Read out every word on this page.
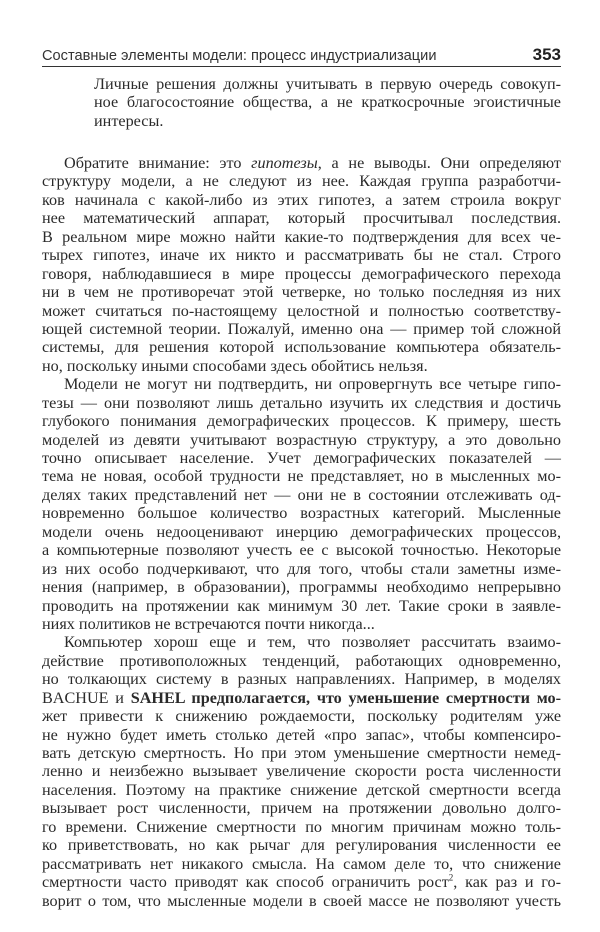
Составные элементы модели: процесс индустриализации	353
Личные решения должны учитывать в первую очередь совокуп-
ное благосостояние общества, а не краткосрочные эгоистичные
интересы.
Обратите внимание: это гипотезы, а не выводы. Они определяют
структуру модели, а не следуют из нее. Каждая группа разработчи-
ков начинала с какой-либо из этих гипотез, а затем строила вокруг
нее математический аппарат, который просчитывал последствия.
В реальном мире можно найти какие-то подтверждения для всех че-
тырех гипотез, иначе их никто и рассматривать бы не стал. Строго
говоря, наблюдавшиеся в мире процессы демографического перехода
ни в чем не противоречат этой четверке, но только последняя из них
может считаться по-настоящему целостной и полностью соответству-
ющей системной теории. Пожалуй, именно она — пример той сложной
системы, для решения которой использование компьютера обязатель-
но, поскольку иными способами здесь обойтись нельзя.
Модели не могут ни подтвердить, ни опровергнуть все четыре гипо-
тезы — они позволяют лишь детально изучить их следствия и достичь
глубокого понимания демографических процессов. К примеру, шесть
моделей из девяти учитывают возрастную структуру, а это довольно
точно описывает население. Учет демографических показателей —
тема не новая, особой трудности не представляет, но в мысленных мо-
делях таких представлений нет — они не в состоянии отслеживать од-
новременно большое количество возрастных категорий. Мысленные
модели очень недооценивают инерцию демографических процессов,
а компьютерные позволяют учесть ее с высокой точностью. Некоторые
из них особо подчеркивают, что для того, чтобы стали заметны изме-
нения (например, в образовании), программы необходимо непрерывно
проводить на протяжении как минимум 30 лет. Такие сроки в заявле-
ниях политиков не встречаются почти никогда...
Компьютер хорош еще и тем, что позволяет рассчитать взаимо-
действие противоположных тенденций, работающих одновременно,
но толкающих систему в разных направлениях. Например, в моделях
BACHUE и SAHEL предполагается, что уменьшение смертности мо-
жет привести к снижению рождаемости, поскольку родителям уже
не нужно будет иметь столько детей «про запас», чтобы компенсиро-
вать детскую смертность. Но при этом уменьшение смертности немед-
ленно и неизбежно вызывает увеличение скорости роста численности
населения. Поэтому на практике снижение детской смертности всегда
вызывает рост численности, причем на протяжении довольно долго-
го времени. Снижение смертности по многим причинам можно толь-
ко приветствовать, но как рычаг для регулирования численности ее
рассматривать нет никакого смысла. На самом деле то, что снижение
смертности часто приводят как способ ограничить рост$^2$, как раз и го-
ворит о том, что мысленные модели в своей массе не позволяют учесть
